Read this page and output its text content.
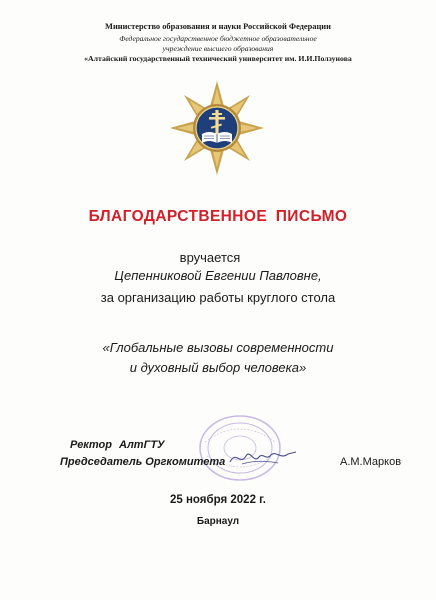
Министерство образования и науки Российской Федерации
Федеральное государственное бюджетное образовательное
учреждение высшего образования
«Алтайский государственный технический университет им. И.И.Ползунова
БЛАГОДАРСТВЕННОЕ ПИСЬМО
вручается
Цепенниковой Евгении Павловне,
за организацию работы круглого стола
«Глобальные вызовы современности
и духовный выбор человека»
Ректор АлтГТУ
Председатель Оргкомитета	А.М.Марков
25 ноября 2022 г.
Барнаул
